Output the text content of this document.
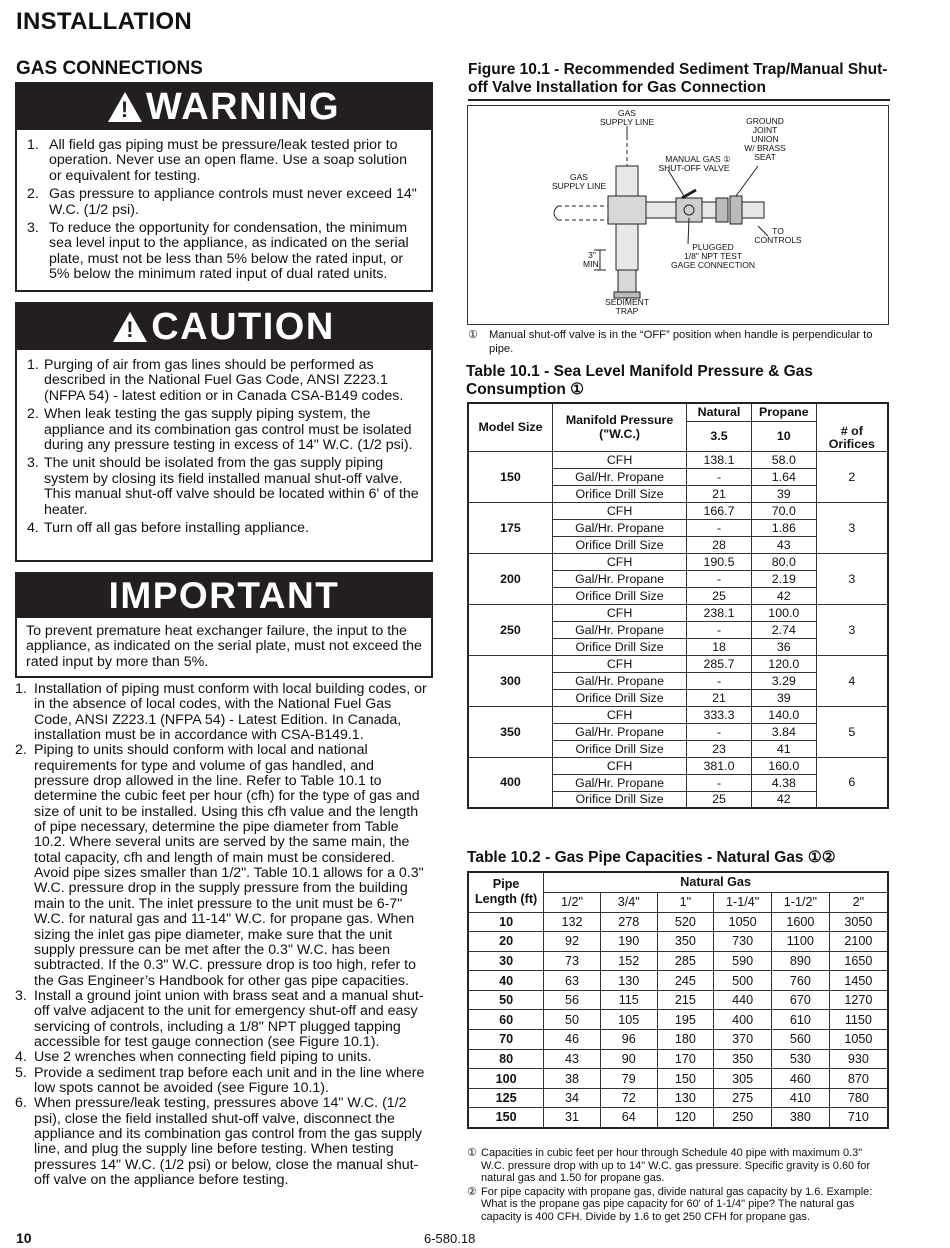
INSTALLATION
GAS CONNECTIONS
!
WARNING
1. All field gas piping must be pressure/leak tested prior to operation. Never use an open flame. Use a soap solution or equivalent for testing.
2. Gas pressure to appliance controls must never exceed 14" W.C. (1/2 psi).
3. To reduce the opportunity for condensation, the minimum sea level input to the appliance, as indicated on the serial plate, must not be less than 5% below the rated input, or 5% below the minimum rated input of dual rated units.
!
CAUTION
1. Purging of air from gas lines should be performed as described in the National Fuel Gas Code, ANSI Z223.1 (NFPA 54) - latest edition or in Canada CSA-B149 codes.
2. When leak testing the gas supply piping system, the appliance and its combination gas control must be isolated during any pressure testing in excess of 14" W.C. (1/2 psi).
3. The unit should be isolated from the gas supply piping system by closing its field installed manual shut-off valve. This manual shut-off valve should be located within 6' of the heater.
4. Turn off all gas before installing appliance.
IMPORTANT
To prevent premature heat exchanger failure, the input to the appliance, as indicated on the serial plate, must not exceed the rated input by more than 5%.
1. Installation of piping must conform with local building codes, or in the absence of local codes, with the National Fuel Gas Code, ANSI Z223.1 (NFPA 54) - Latest Edition. In Canada, installation must be in accordance with CSA-B149.1.
2. Piping to units should conform with local and national requirements for type and volume of gas handled, and pressure drop allowed in the line. Refer to Table 10.1 to determine the cubic feet per hour (cfh) for the type of gas and size of unit to be installed. Using this cfh value and the length of pipe necessary, determine the pipe diameter from Table 10.2. Where several units are served by the same main, the total capacity, cfh and length of main must be considered. Avoid pipe sizes smaller than 1/2". Table 10.1 allows for a 0.3" W.C. pressure drop in the supply pressure from the building main to the unit. The inlet pressure to the unit must be 6-7" W.C. for natural gas and 11-14" W.C. for propane gas. When sizing the inlet gas pipe diameter, make sure that the unit supply pressure can be met after the 0.3" W.C. has been subtracted. If the 0.3" W.C. pressure drop is too high, refer to the Gas Engineer’s Handbook for other gas pipe capacities.
3. Install a ground joint union with brass seat and a manual shut-off valve adjacent to the unit for emergency shut-off and easy servicing of controls, including a 1/8" NPT plugged tapping accessible for test gauge connection (see Figure 10.1).
4. Use 2 wrenches when connecting field piping to units.
5. Provide a sediment trap before each unit and in the line where low spots cannot be avoided (see Figure 10.1).
6. When pressure/leak testing, pressures above 14" W.C. (1/2 psi), close the field installed shut-off valve, disconnect the appliance and its combination gas control from the gas supply line, and plug the supply line before testing. When testing pressures 14" W.C. (1/2 psi) or below, close the manual shut-off valve on the appliance before testing.
Figure 10.1 - Recommended Sediment Trap/Manual Shut-off Valve Installation for Gas Connection
GAS
SUPPLY LINE
GAS
SUPPLY LINE
MANUAL GAS ①
SHUT-OFF VALVE
GROUND
JOINT
UNION
W/ BRASS
SEAT
TO
CONTROLS
PLUGGED
1/8" NPT TEST
GAGE CONNECTION
3"
MIN.
SEDIMENT
TRAP
① Manual shut-off valve is in the “OFF” position when handle is perpendicular to pipe.
Table 10.1 - Sea Level Manifold Pressure & Gas
Consumption ①
Model Size	Manifold Pressure ("W.C.)	Natural	Propane	# of Orifices
		3.5	10	
150	CFH	138.1	58.0	2
	Gal/Hr. Propane	-	1.64	
	Orifice Drill Size	21	39	
175	CFH	166.7	70.0	3
	Gal/Hr. Propane	-	1.86	
	Orifice Drill Size	28	43	
200	CFH	190.5	80.0	3
	Gal/Hr. Propane	-	2.19	
	Orifice Drill Size	25	42	
250	CFH	238.1	100.0	3
	Gal/Hr. Propane	-	2.74	
	Orifice Drill Size	18	36	
300	CFH	285.7	120.0	4
	Gal/Hr. Propane	-	3.29	
	Orifice Drill Size	21	39	
350	CFH	333.3	140.0	5
	Gal/Hr. Propane	-	3.84	
	Orifice Drill Size	23	41	
400	CFH	381.0	160.0	6
	Gal/Hr. Propane	-	4.38	
	Orifice Drill Size	25	42	
Table 10.2 - Gas Pipe Capacities - Natural Gas ①②
Pipe
Length (ft)	Natural Gas					
	1/2"	3/4"	1"	1-1/4"	1-1/2"	2"
10	132	278	520	1050	1600	3050
20	92	190	350	730	1100	2100
30	73	152	285	590	890	1650
40	63	130	245	500	760	1450
50	56	115	215	440	670	1270
60	50	105	195	400	610	1150
70	46	96	180	370	560	1050
80	43	90	170	350	530	930
100	38	79	150	305	460	870
125	34	72	130	275	410	780
150	31	64	120	250	380	710
① Capacities in cubic feet per hour through Schedule 40 pipe with maximum 0.3" W.C. pressure drop with up to 14" W.C. gas pressure. Specific gravity is 0.60 for natural gas and 1.50 for propane gas.
② For pipe capacity with propane gas, divide natural gas capacity by 1.6. Example: What is the propane gas pipe capacity for 60' of 1-1/4" pipe? The natural gas capacity is 400 CFH. Divide by 1.6 to get 250 CFH for propane gas.
10	6-580.18
